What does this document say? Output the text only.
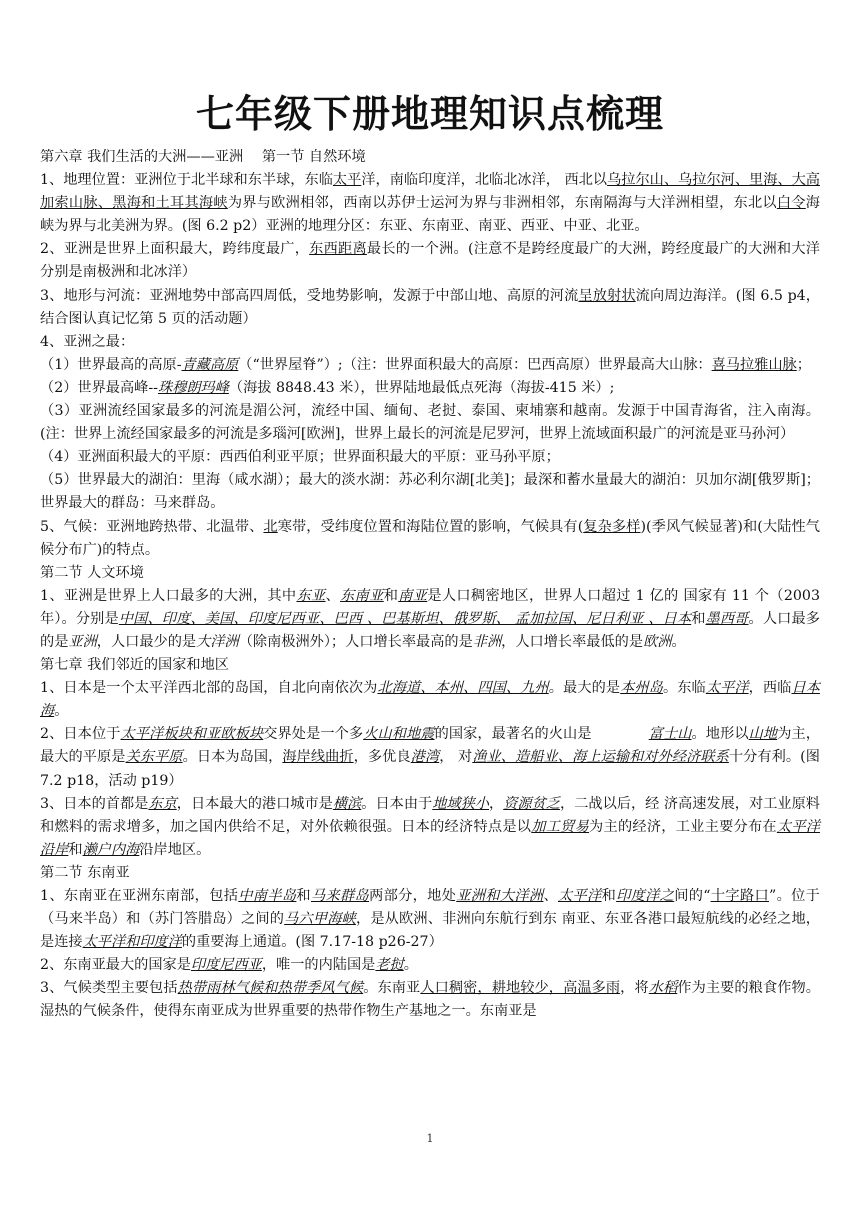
七年级下册地理知识点梳理

第六章 我们生活的大洲——亚洲　 第一节 自然环境

1、地理位置：亚洲位于北半球和东半球，东临太平洋，南临印度洋，北临北冰洋， 西北以乌拉尔山、乌拉尔河、里海、大高加索山脉、黑海和土耳其海峡为界与欧洲相邻，西南以苏伊士运河为界与非洲相邻，东南隔海与大洋洲相望，东北以白令海峡为界与北美洲为界。(图 6.2 p2）亚洲的地理分区：东亚、东南亚、南亚、西亚、中亚、北亚。

2、亚洲是世界上面积最大，跨纬度最广，东西距离最长的一个洲。(注意不是跨经度最广的大洲，跨经度最广的大洲和大洋分别是南极洲和北冰洋）

3、地形与河流：亚洲地势中部高四周低，受地势影响，发源于中部山地、高原的河流呈放射状流向周边海洋。(图 6.5 p4，结合图认真记忆第 5 页的活动题）

4、亚洲之最：

（1）世界最高的高原-青藏高原（“世界屋脊”）;（注：世界面积最大的高原：巴西高原）世界最高大山脉：喜马拉雅山脉；

（2）世界最高峰--珠穆朗玛峰（海拔 8848.43 米），世界陆地最低点死海（海拔-415 米）;

（3）亚洲流经国家最多的河流是湄公河，流经中国、缅甸、老挝、泰国、柬埔寨和越南。发源于中国青海省，注入南海。(注：世界上流经国家最多的河流是多瑙河[欧洲]，世界上最长的河流是尼罗河，世界上流域面积最广的河流是亚马孙河）

（4）亚洲面积最大的平原：西西伯利亚平原；世界面积最大的平原：亚马孙平原；

（5）世界最大的湖泊：里海（咸水湖）；最大的淡水湖：苏必利尔湖[北美]；最深和蓄水量最大的湖泊：贝加尔湖[俄罗斯]；世界最大的群岛：马来群岛。

5、气候：亚洲地跨热带、北温带、北寒带，受纬度位置和海陆位置的影响，气候具有(复杂多样)(季风气候显著)和(大陆性气候分布广)的特点。

第二节 人文环境

1、亚洲是世界上人口最多的大洲，其中东亚、东南亚和南亚是人口稠密地区，世界人口超过 1 亿的 国家有 11 个（2003 年）。分别是中国、印度、美国、印度尼西亚、巴西 、巴基斯坦、俄罗斯、 孟加拉国、尼日利亚 、日本和墨西哥。人口最多的是亚洲，人口最少的是大洋洲（除南极洲外）；人口增长率最高的是非洲，人口增长率最低的是欧洲。

第七章 我们邻近的国家和地区

1、日本是一个太平洋西北部的岛国，自北向南依次为北海道、本州、四国、九州。最大的是本州岛。东临太平洋，西临日本海。

2、日本位于太平洋板块和亚欧板块交界处是一个多火山和地震的国家，最著名的火山是　　　　富士山。地形以山地为主，最大的平原是关东平原。日本为岛国，海岸线曲折，多优良港湾， 对渔业、造船业、海上运输和对外经济联系十分有利。(图 7.2 p18，活动 p19）

3、日本的首都是东京，日本最大的港口城市是横滨。日本由于地域狭小，资源贫乏，二战以后，经 济高速发展，对工业原料和燃料的需求增多，加之国内供给不足，对外依赖很强。日本的经济特点是以加工贸易为主的经济，工业主要分布在太平洋沿岸和濑户内海沿岸地区。

第二节 东南亚

1、东南亚在亚洲东南部，包括中南半岛和马来群岛两部分，地处亚洲和大洋洲、太平洋和印度洋之间的“十字路口”。位于（马来半岛）和（苏门答腊岛）之间的马六甲海峡，是从欧洲、非洲向东航行到东 南亚、东亚各港口最短航线的必经之地，是连接太平洋和印度洋的重要海上通道。(图 7.17-18 p26-27）

2、东南亚最大的国家是印度尼西亚，唯一的内陆国是老挝。

3、气候类型主要包括热带雨林气候和热带季风气候。东南亚人口稠密，耕地较少，高温多雨，将水稻作为主要的粮食作物。湿热的气候条件，使得东南亚成为世界重要的热带作物生产基地之一。东南亚是

1
